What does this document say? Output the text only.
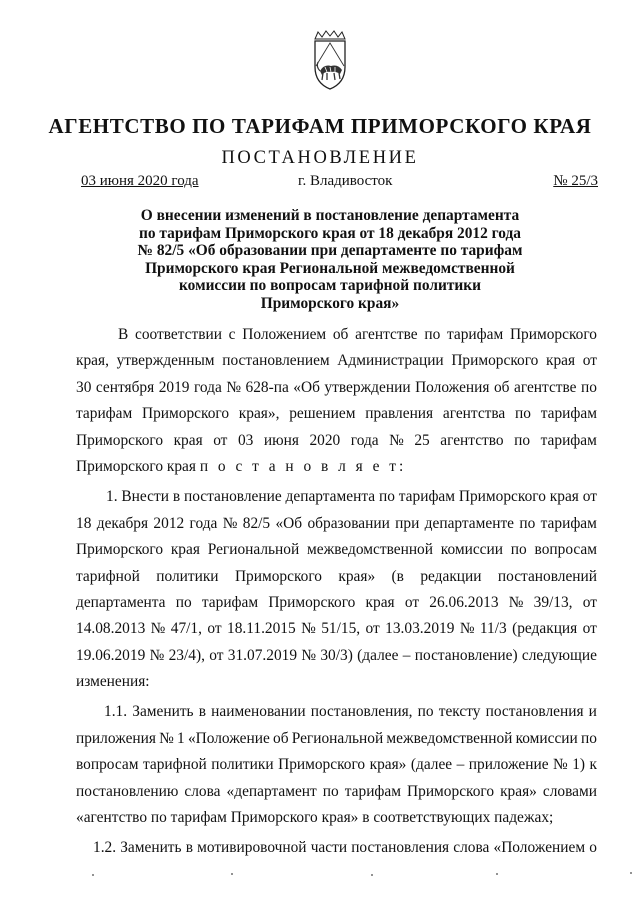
АГЕНТСТВО ПО ТАРИФАМ ПРИМОРСКОГО КРАЯ
ПОСТАНОВЛЕНИЕ
03 июня 2020 года	г. Владивосток	№ 25/3
О внесении изменений в постановление департамента
по тарифам Приморского края от 18 декабря 2012 года
№ 82/5 «Об образовании при департаменте по тарифам
Приморского края Региональной межведомственной
комиссии по вопросам тарифной политики
Приморского края»
В соответствии с Положением об агентстве по тарифам Приморского
края, утвержденным постановлением Администрации Приморского края от
30 сентября 2019 года № 628-па «Об утверждении Положения об агентстве по
тарифам Приморского края», решением правления агентства по тарифам
Приморского края от 03 июня 2020 года № 25 агентство по тарифам
Приморского края
п о с т а н о в л я е т:
1. Внести в постановление департамента по тарифам Приморского края от
18 декабря 2012 года № 82/5 «Об образовании при департаменте по тарифам
Приморского края Региональной межведомственной комиссии по вопросам
тарифной политики Приморского края» (в редакции постановлений
департамента по тарифам Приморского края от 26.06.2013 № 39/13, от
14.08.2013 № 47/1, от 18.11.2015 № 51/15, от 13.03.2019 № 11/3 (редакция от
19.06.2019 № 23/4), от 31.07.2019 № 30/3) (далее – постановление) следующие
изменения:
1.1. Заменить в наименовании постановления, по тексту постановления и
приложения № 1 «Положение об Региональной межведомственной комиссии по
вопросам тарифной политики Приморского края» (далее – приложение № 1) к
постановлению слова «департамент по тарифам Приморского края» словами
«агентство по тарифам Приморского края» в соответствующих падежах;
1.2. Заменить в мотивировочной части постановления слова «Положением о
